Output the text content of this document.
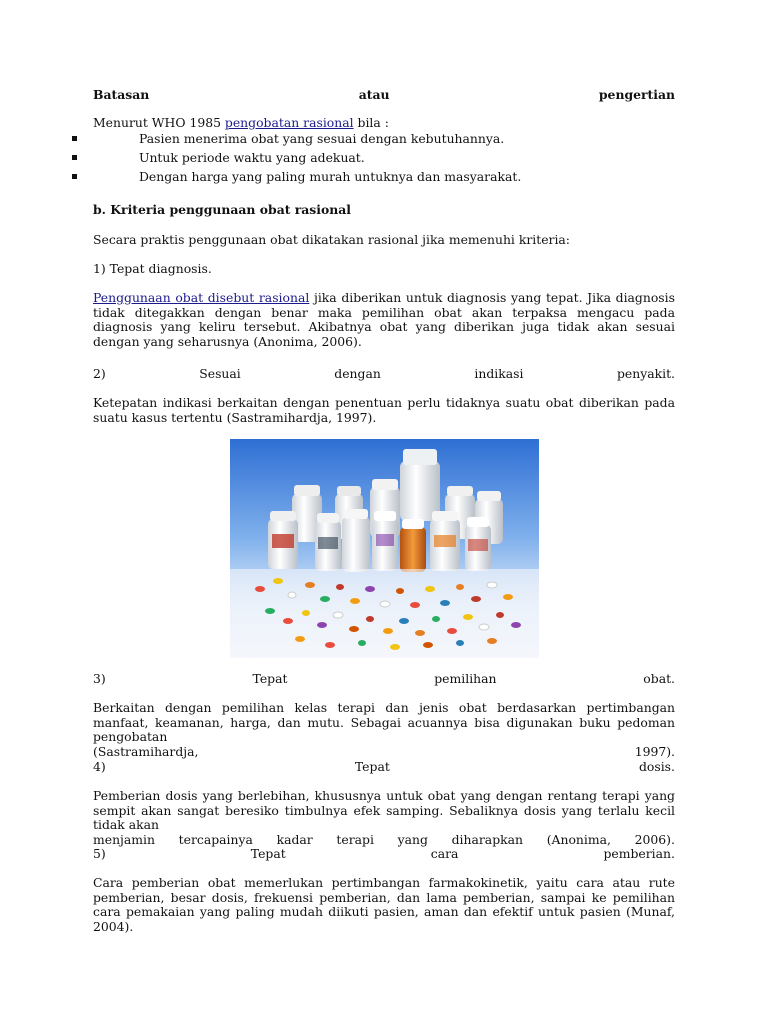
Batasan	atau	pengertian
Menurut WHO 1985 pengobatan rasional bila :
Pasien menerima obat yang sesuai dengan kebutuhannya.
Untuk periode waktu yang adekuat.
Dengan harga yang paling murah untuknya dan masyarakat.
b. Kriteria penggunaan obat rasional
Secara praktis penggunaan obat dikatakan rasional jika memenuhi kriteria:
1) Tepat diagnosis.
Penggunaan obat disebut rasional jika diberikan untuk diagnosis yang tepat. Jika diagnosis tidak ditegakkan dengan benar maka pemilihan obat akan terpaksa mengacu pada diagnosis yang keliru tersebut. Akibatnya obat yang diberikan juga tidak akan sesuai dengan yang seharusnya (Anonima, 2006).
2)	Sesuai	dengan	indikasi	penyakit.
Ketepatan indikasi berkaitan dengan penentuan perlu tidaknya suatu obat diberikan pada suatu kasus tertentu (Sastramihardja, 1997).
3)	Tepat	pemilihan	obat.
Berkaitan dengan pemilihan kelas terapi dan jenis obat berdasarkan pertimbangan manfaat, keamanan, harga, dan mutu. Sebagai acuannya bisa digunakan buku pedoman pengobatan
(Sastramihardja,	1997).
4)	Tepat	dosis.
Pemberian dosis yang berlebihan, khususnya untuk obat yang dengan rentang terapi yang sempit akan sangat beresiko timbulnya efek samping. Sebaliknya dosis yang terlalu kecil tidak akan
menjamin tercapainya kadar terapi yang diharapkan (Anonima, 2006).
5)	Tepat	cara	pemberian.
Cara pemberian obat memerlukan pertimbangan farmakokinetik, yaitu cara atau rute pemberian, besar dosis, frekuensi pemberian, dan lama pemberian, sampai ke pemilihan cara pemakaian yang paling mudah diikuti pasien, aman dan efektif untuk pasien (Munaf, 2004).
